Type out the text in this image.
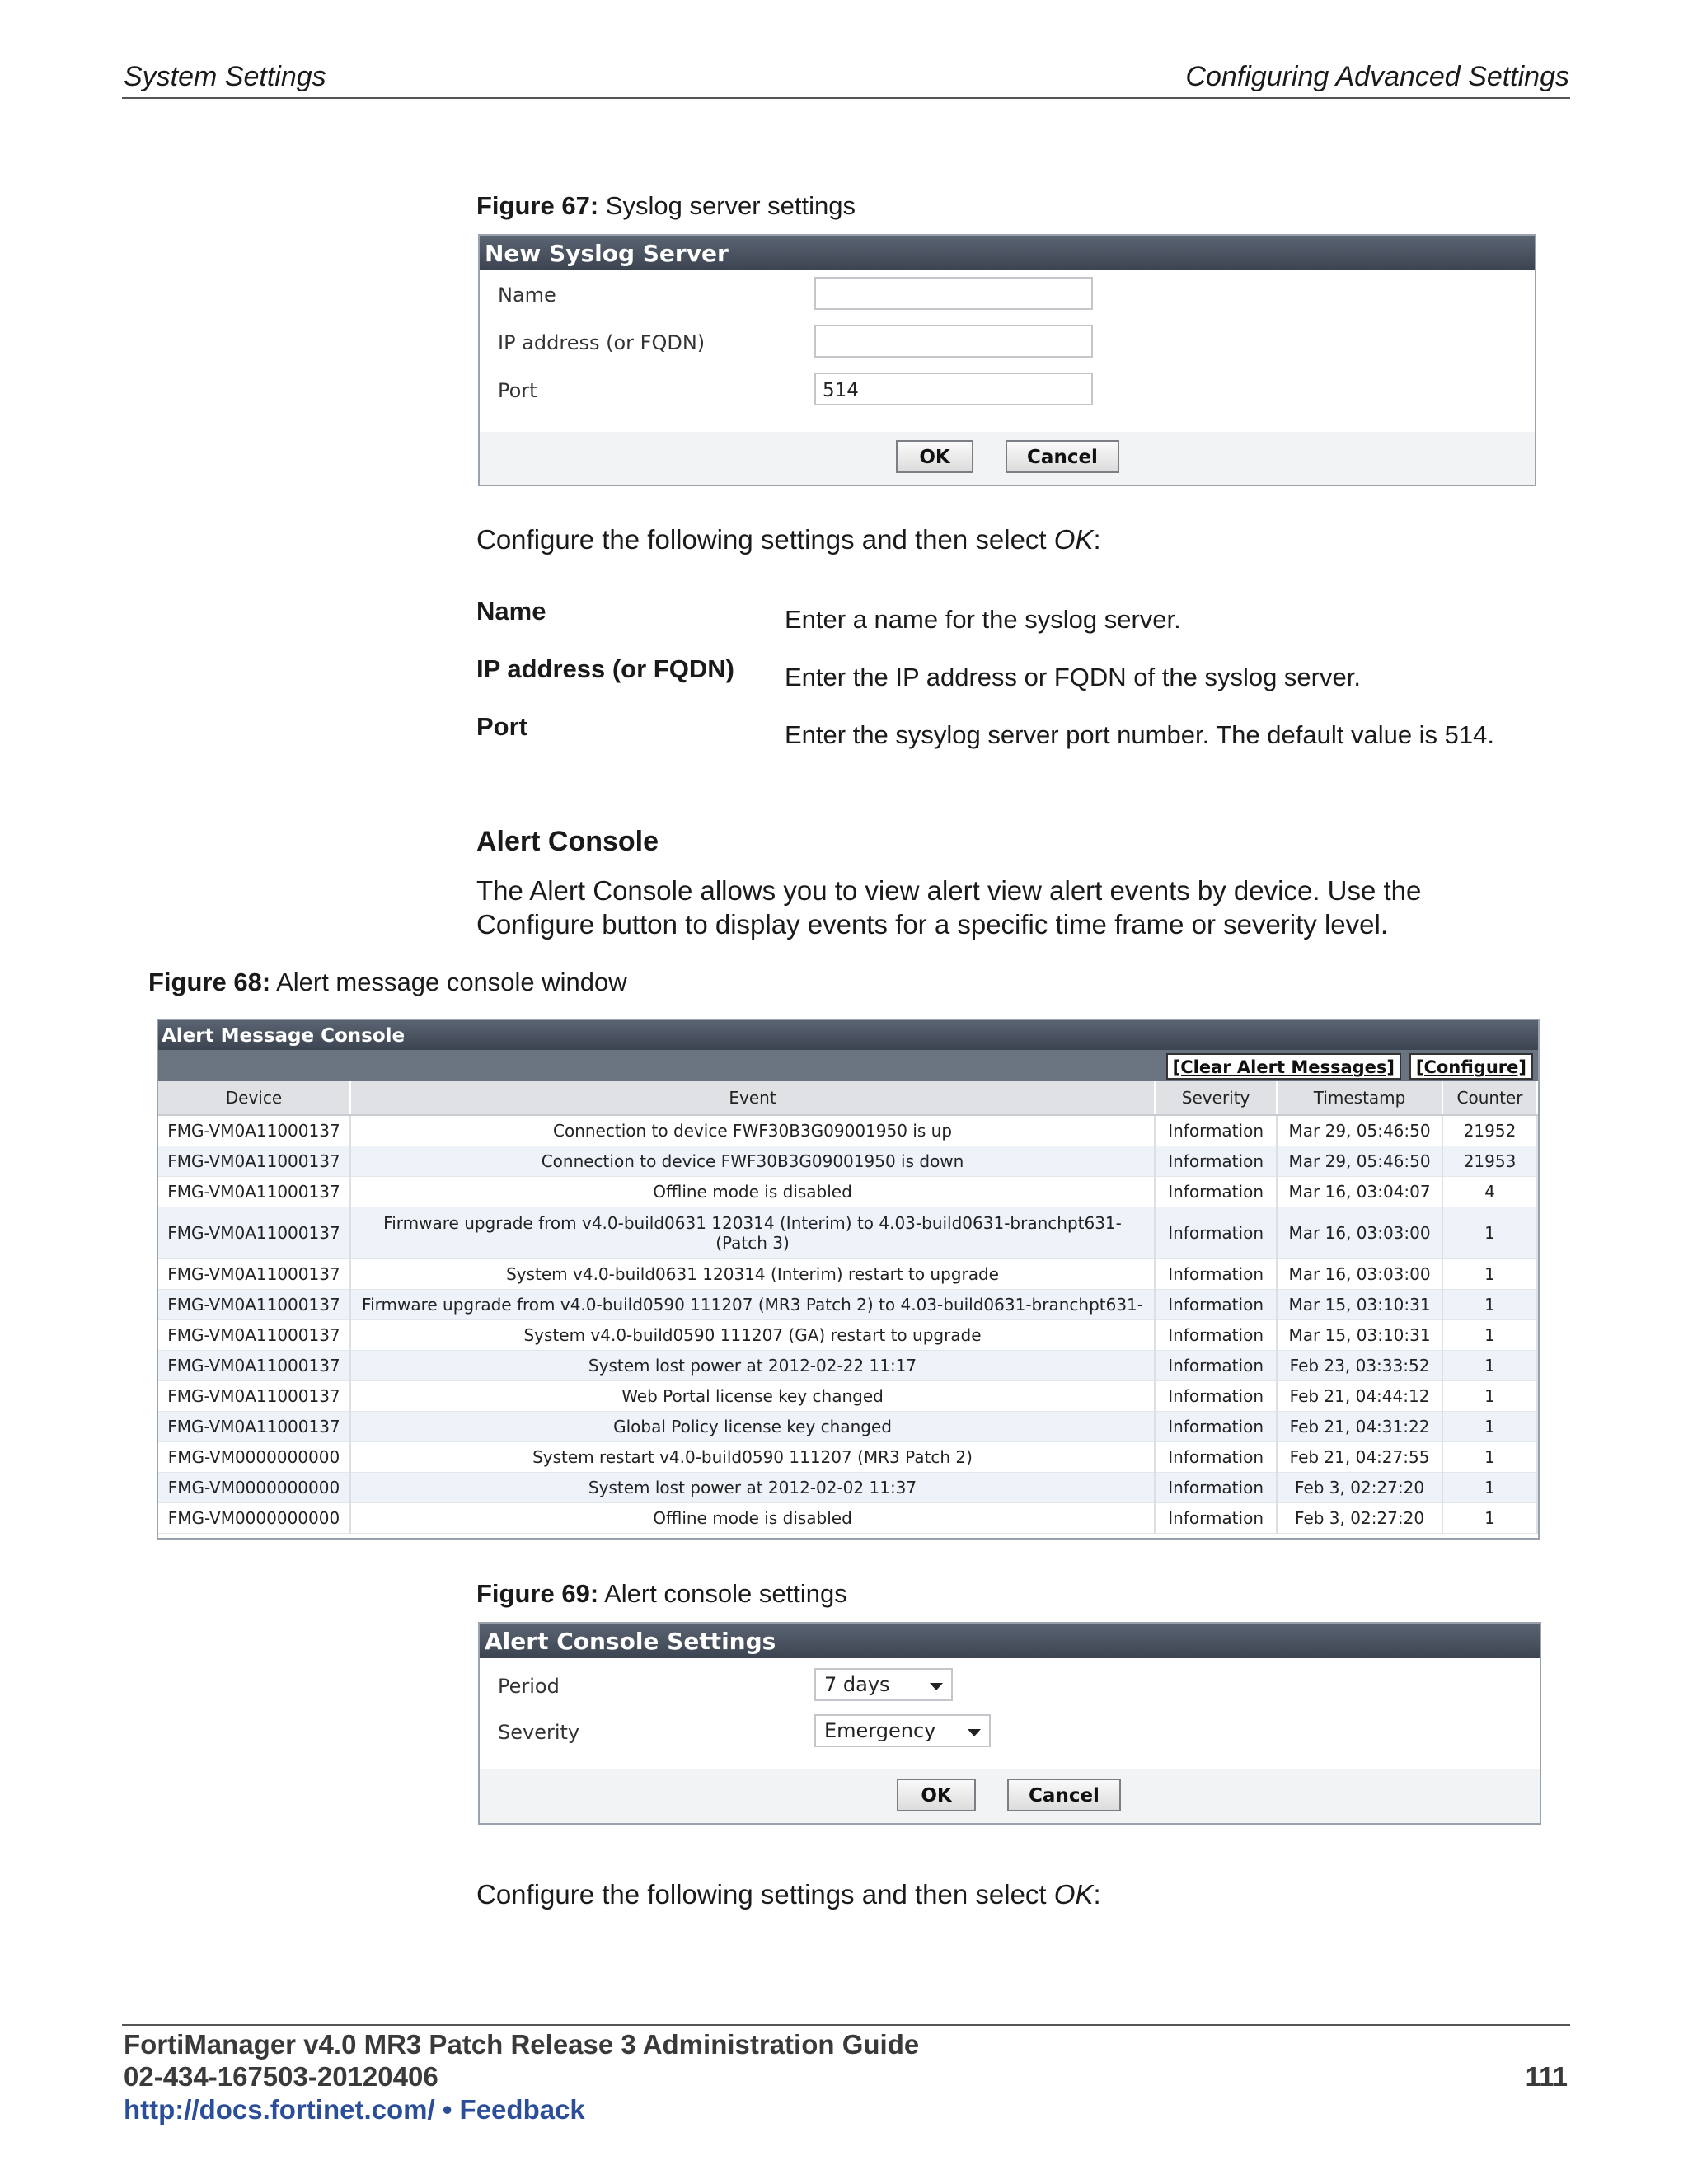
System Settings	Configuring Advanced Settings
Figure 67: Syslog server settings
New Syslog Server
Name
IP address (or FQDN)
Port	514
OK	Cancel
Configure the following settings and then select OK:
Name	Enter a name for the syslog server.
IP address (or FQDN) Enter the IP address or FQDN of the syslog server.
Port	Enter the sysylog server port number. The default value is 514.
Alert Console
The Alert Console allows you to view alert view alert events by device. Use the
Configure button to display events for a specific time frame or severity level.
Figure 68: Alert message console window
Alert Message Console
[Clear Alert Messages]	[Configure]
Device	Event	Severity	Timestamp	Counter
FMG-VM0A11000137	Connection to device FWF30B3G09001950 is up	Information	Mar 29, 05:46:50	21952
FMG-VM0A11000137	Connection to device FWF30B3G09001950 is down	Information	Mar 29, 05:46:50	21953
FMG-VM0A11000137	Offline mode is disabled	Information	Mar 16, 03:04:07	4
FMG-VM0A11000137	Firmware upgrade from v4.0-build0631 120314 (Interim) to 4.03-build0631-branchpt631- (Patch 3)	Information	Mar 16, 03:03:00	1
FMG-VM0A11000137	System v4.0-build0631 120314 (Interim) restart to upgrade	Information	Mar 16, 03:03:00	1
FMG-VM0A11000137	Firmware upgrade from v4.0-build0590 111207 (MR3 Patch 2) to 4.03-build0631-branchpt631-	Information	Mar 15, 03:10:31	1
FMG-VM0A11000137	System v4.0-build0590 111207 (GA) restart to upgrade	Information	Mar 15, 03:10:31	1
FMG-VM0A11000137	System lost power at 2012-02-22 11:17	Information	Feb 23, 03:33:52	1
FMG-VM0A11000137	Web Portal license key changed	Information	Feb 21, 04:44:12	1
FMG-VM0A11000137	Global Policy license key changed	Information	Feb 21, 04:31:22	1
FMG-VM0000000000	System restart v4.0-build0590 111207 (MR3 Patch 2)	Information	Feb 21, 04:27:55	1
FMG-VM0000000000	System lost power at 2012-02-02 11:37	Information	Feb 3, 02:27:20	1
FMG-VM0000000000	Offline mode is disabled	Information	Feb 3, 02:27:20	1
Figure 69: Alert console settings
Alert Console Settings
Period	7 days
Severity	Emergency
OK	Cancel
Configure the following settings and then select OK:
FortiManager v4.0 MR3 Patch Release 3 Administration Guide
02-434-167503-20120406
http://docs.fortinet.com/ • Feedback
111
